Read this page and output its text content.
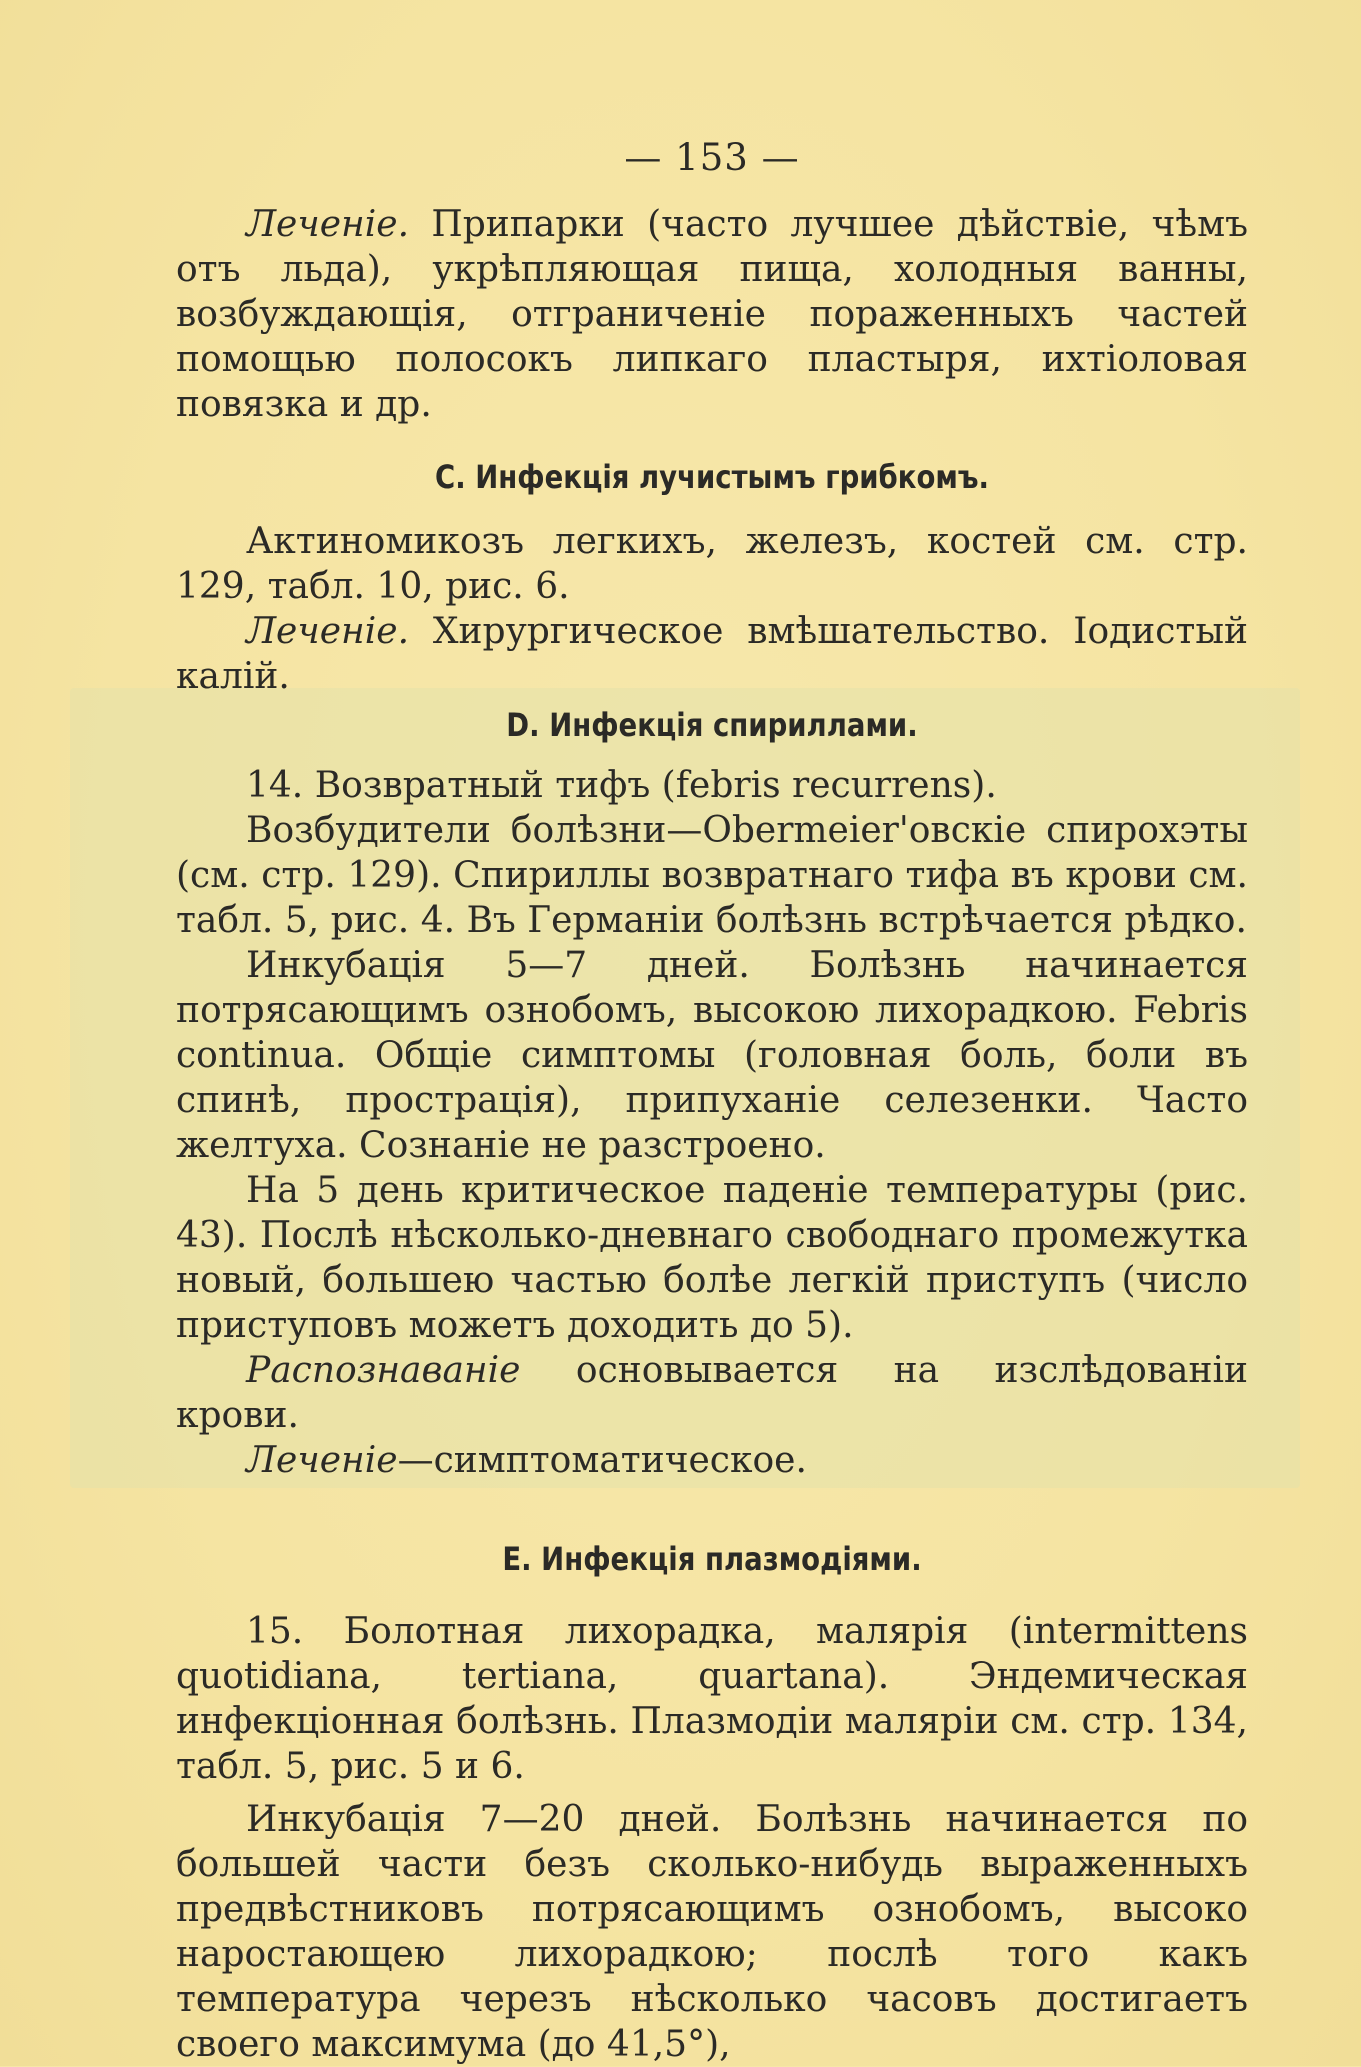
— 153 —

Леченiе. Припарки (часто лучшее дѣйствiе, чѣмъ отъ льда), укрѣпляющая пища, холодныя ванны, возбуждающiя, отграниченiе пораженныхъ частей помощью полосокъ липкаго пластыря, ихтiоловая повязка и др.

C. Инфекцiя лучистымъ грибкомъ.

Актиномикозъ легкихъ, железъ, костей см. стр. 129, табл. 10, рис. 6.

Леченiе. Хирургическое вмѣшательство. Iодистый калiй.

D. Инфекцiя спириллами.

14. Возвратный тифъ (febris recurrens).

Возбудители болѣзни—Obermeier'овскiе спирохэты (см. стр. 129). Спириллы возвратнаго тифа въ крови см. табл. 5, рис. 4. Въ Германiи болѣзнь встрѣчается рѣдко.

Инкубацiя 5—7 дней. Болѣзнь начинается потрясающимъ ознобомъ, высокою лихорадкою. Febris continua. Общiе симптомы (головная боль, боли въ спинѣ, прострацiя), припуханiе селезенки. Часто желтуха. Сознанiе не разстроено.

На 5 день критическое паденiе температуры (рис. 43). Послѣ нѣсколько-дневнаго свободнаго промежутка новый, большею частью болѣе легкiй приступъ (число приступовъ можетъ доходить до 5).

Распознаванiе основывается на изслѣдованiи крови.

Леченiе—симптоматическое.

E. Инфекцiя плазмодiями.

15. Болотная лихорадка, малярiя (intermittens quotidiana, tertiana, quartana). Эндемическая инфекцiонная болѣзнь. Плазмодiи малярiи см. стр. 134, табл. 5, рис. 5 и 6.

Инкубацiя 7—20 дней. Болѣзнь начинается по большей части безъ сколько-нибудь выраженныхъ предвѣстниковъ потрясающимъ ознобомъ, высоко наростающею лихорадкою; послѣ того какъ температура черезъ нѣсколько часовъ достигаетъ своего максимума (до 41,5°),
